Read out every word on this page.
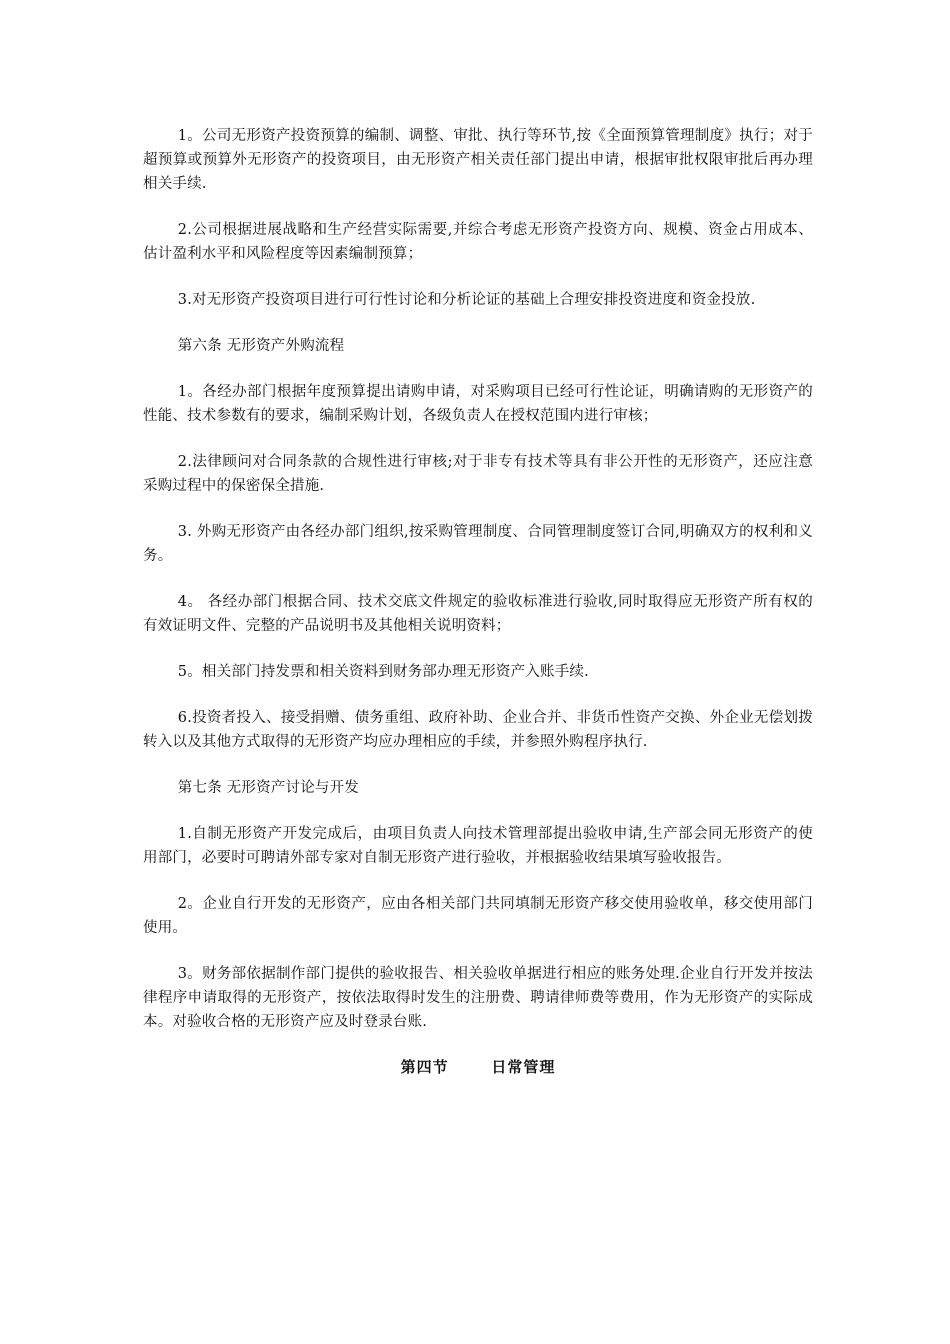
1。公司无形资产投资预算的编制、调整、审批、执行等环节,按《全面预算管理制度》执行；对于超预算或预算外无形资产的投资项目，由无形资产相关责任部门提出申请，根据审批权限审批后再办理相关手续.

2.公司根据进展战略和生产经营实际需要,并综合考虑无形资产投资方向、规模、资金占用成本、估计盈利水平和风险程度等因素编制预算；

3.对无形资产投资项目进行可行性讨论和分析论证的基础上合理安排投资进度和资金投放.

第六条 无形资产外购流程

1。各经办部门根据年度预算提出请购申请，对采购项目已经可行性论证，明确请购的无形资产的性能、技术参数有的要求，编制采购计划，各级负责人在授权范围内进行审核；

2.法律顾问对合同条款的合规性进行审核;对于非专有技术等具有非公开性的无形资产，还应注意采购过程中的保密保全措施.

3. 外购无形资产由各经办部门组织,按采购管理制度、合同管理制度签订合同,明确双方的权利和义务。

4。 各经办部门根据合同、技术交底文件规定的验收标准进行验收,同时取得应无形资产所有权的有效证明文件、完整的产品说明书及其他相关说明资料；

5。相关部门持发票和相关资料到财务部办理无形资产入账手续.

6.投资者投入、接受捐赠、债务重组、政府补助、企业合并、非货币性资产交换、外企业无偿划拨转入以及其他方式取得的无形资产均应办理相应的手续，并参照外购程序执行.

第七条 无形资产讨论与开发

1.自制无形资产开发完成后，由项目负责人向技术管理部提出验收申请,生产部会同无形资产的使用部门，必要时可聘请外部专家对自制无形资产进行验收，并根据验收结果填写验收报告。

2。企业自行开发的无形资产，应由各相关部门共同填制无形资产移交使用验收单，移交使用部门使用。

3。财务部依据制作部门提供的验收报告、相关验收单据进行相应的账务处理.企业自行开发并按法律程序申请取得的无形资产，按依法取得时发生的注册费、聘请律师费等费用，作为无形资产的实际成本。对验收合格的无形资产应及时登录台账.

第四节   日常管理
